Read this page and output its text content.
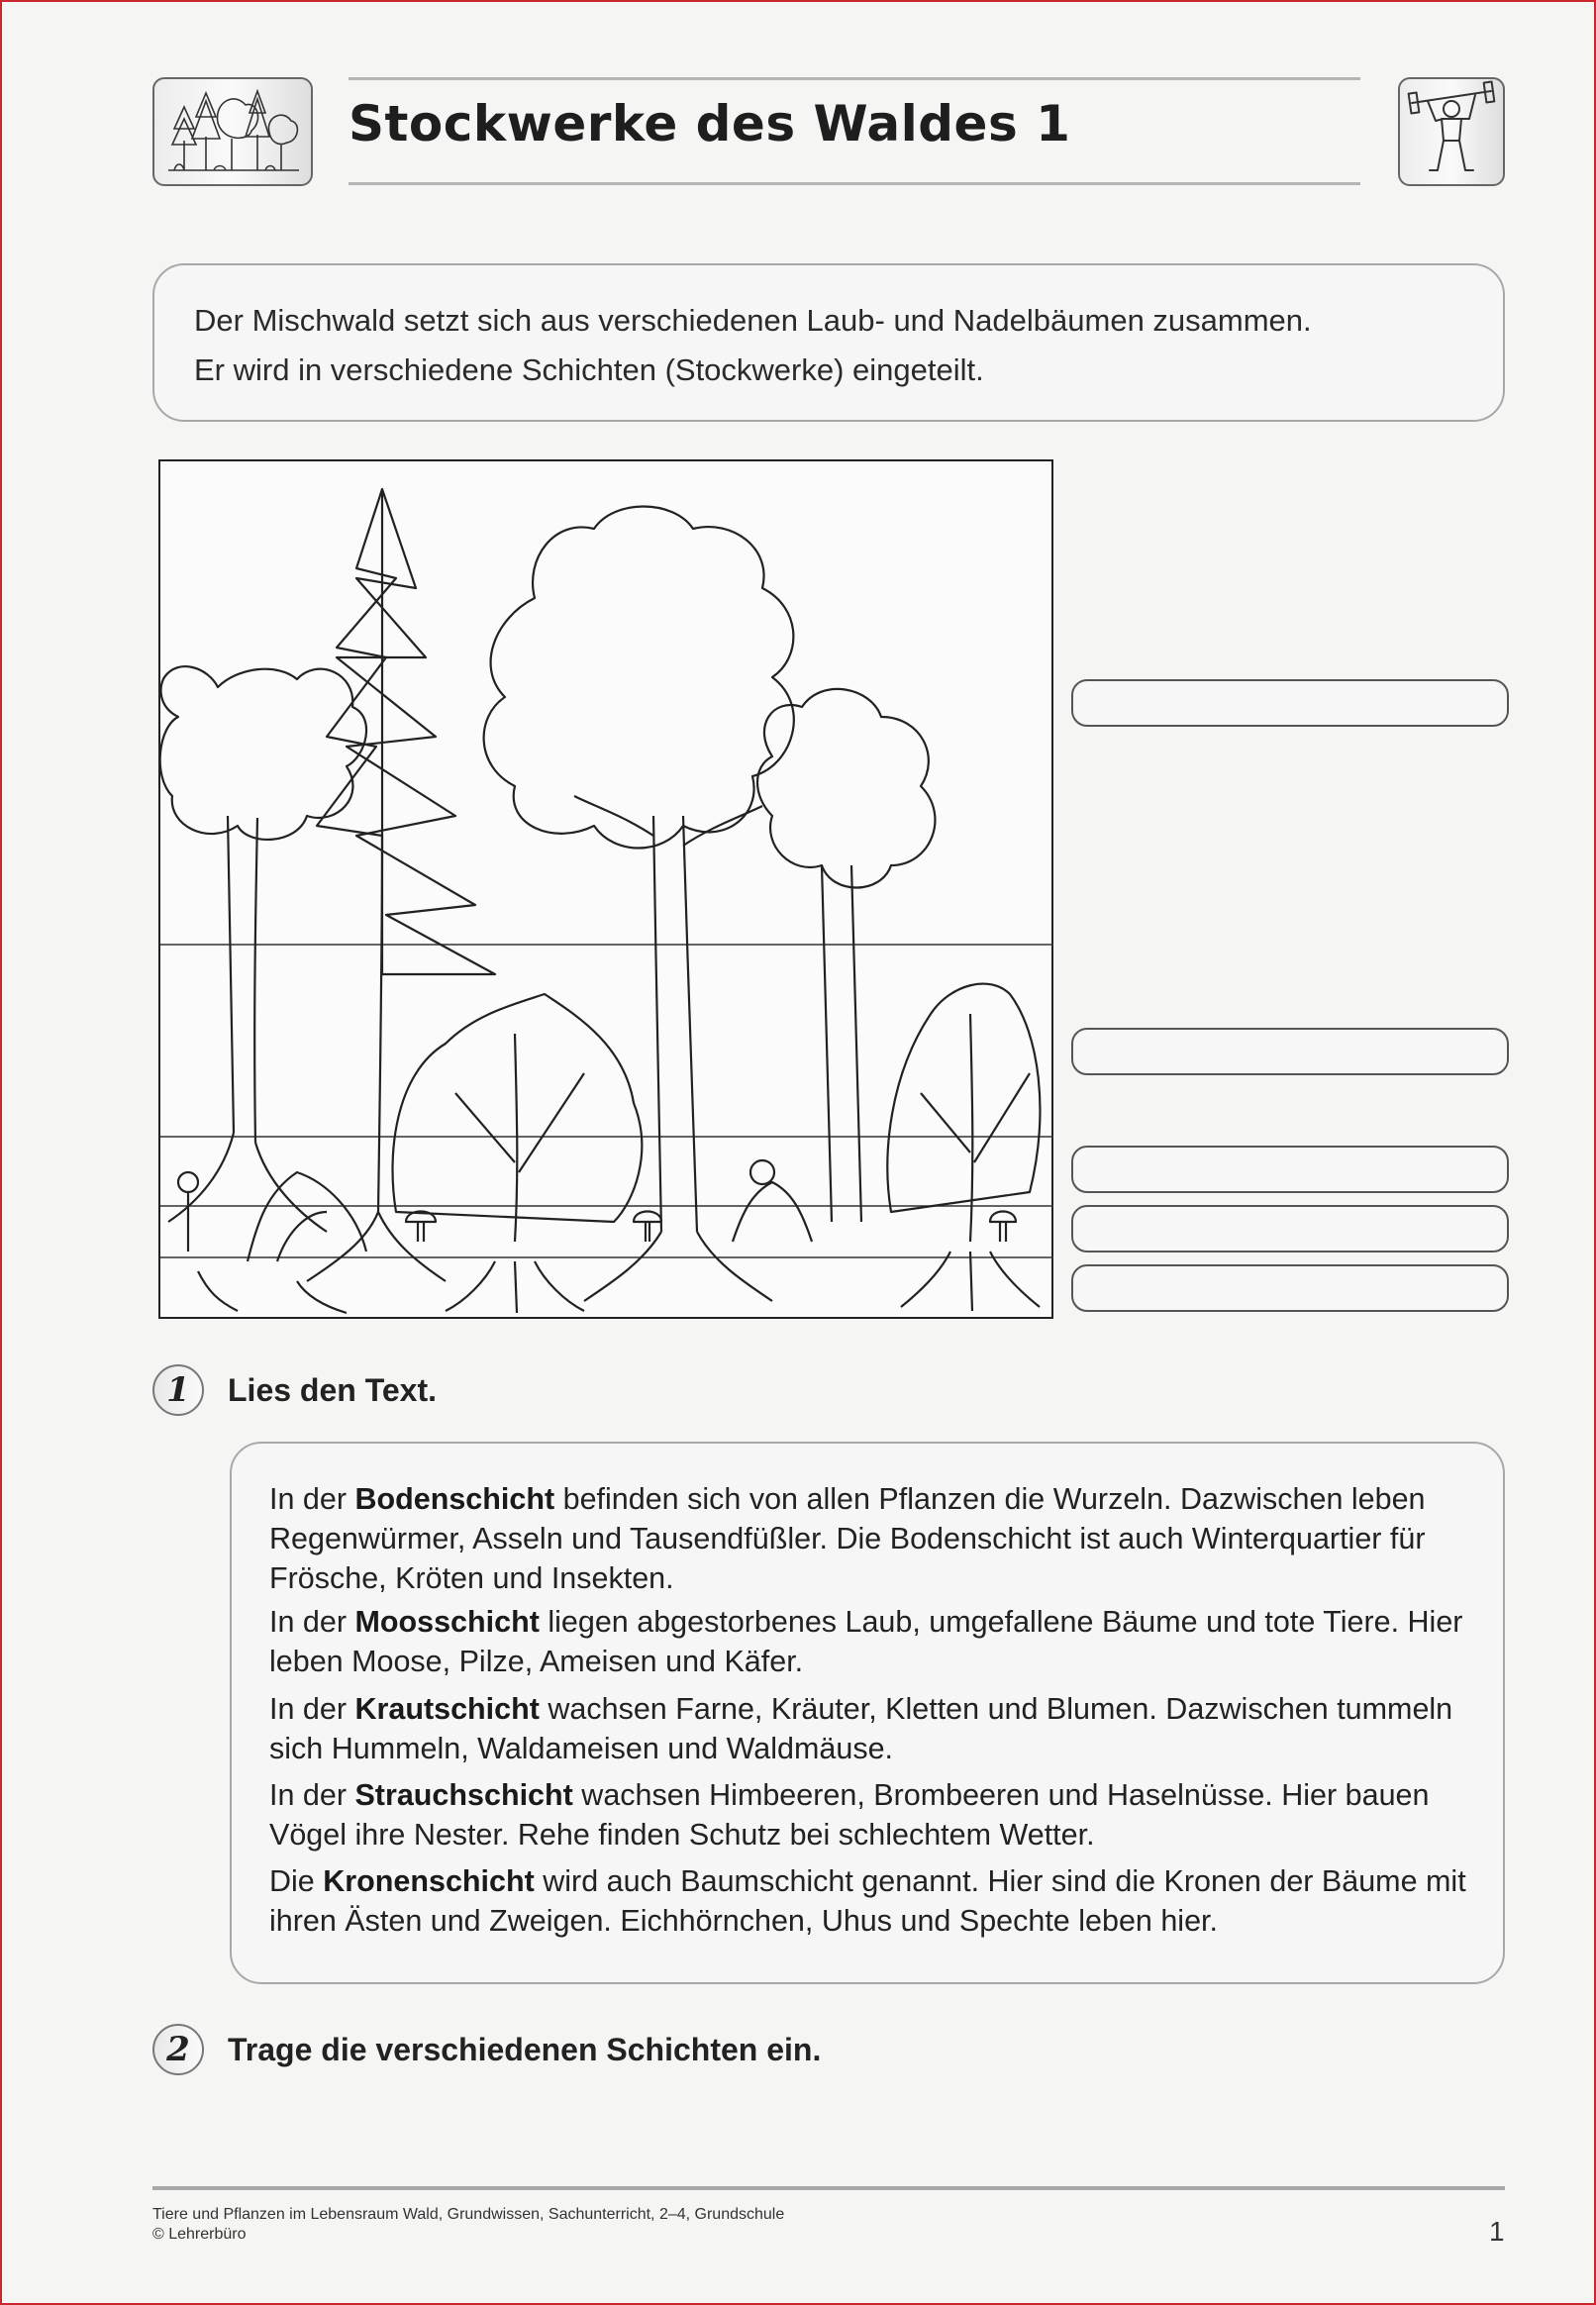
Stockwerke des Waldes 1

Der Mischwald setzt sich aus verschiedenen Laub- und Nadelbäumen zusammen.

Er wird in verschiedene Schichten (Stockwerke) eingeteilt.

1	Lies den Text.

In der Bodenschicht befinden sich von allen Pflanzen die Wurzeln. Dazwischen leben Regenwürmer, Asseln und Tausendfüßler. Die Bodenschicht ist auch Winterquartier für Frösche, Kröten und Insekten.

In der Moosschicht liegen abgestorbenes Laub, umgefallene Bäume und tote Tiere. Hier leben Moose, Pilze, Ameisen und Käfer.

In der Krautschicht wachsen Farne, Kräuter, Kletten und Blumen. Dazwischen tummeln sich Hummeln, Waldameisen und Waldmäuse.

In der Strauchschicht wachsen Himbeeren, Brombeeren und Haselnüsse. Hier bauen Vögel ihre Nester. Rehe finden Schutz bei schlechtem Wetter.

Die Kronenschicht wird auch Baumschicht genannt. Hier sind die Kronen der Bäume mit ihren Ästen und Zweigen. Eichhörnchen, Uhus und Spechte leben hier.

2	Trage die verschiedenen Schichten ein.

Tiere und Pflanzen im Lebensraum Wald, Grundwissen, Sachunterricht, 2–4, Grundschule

© Lehrerbüro	1
